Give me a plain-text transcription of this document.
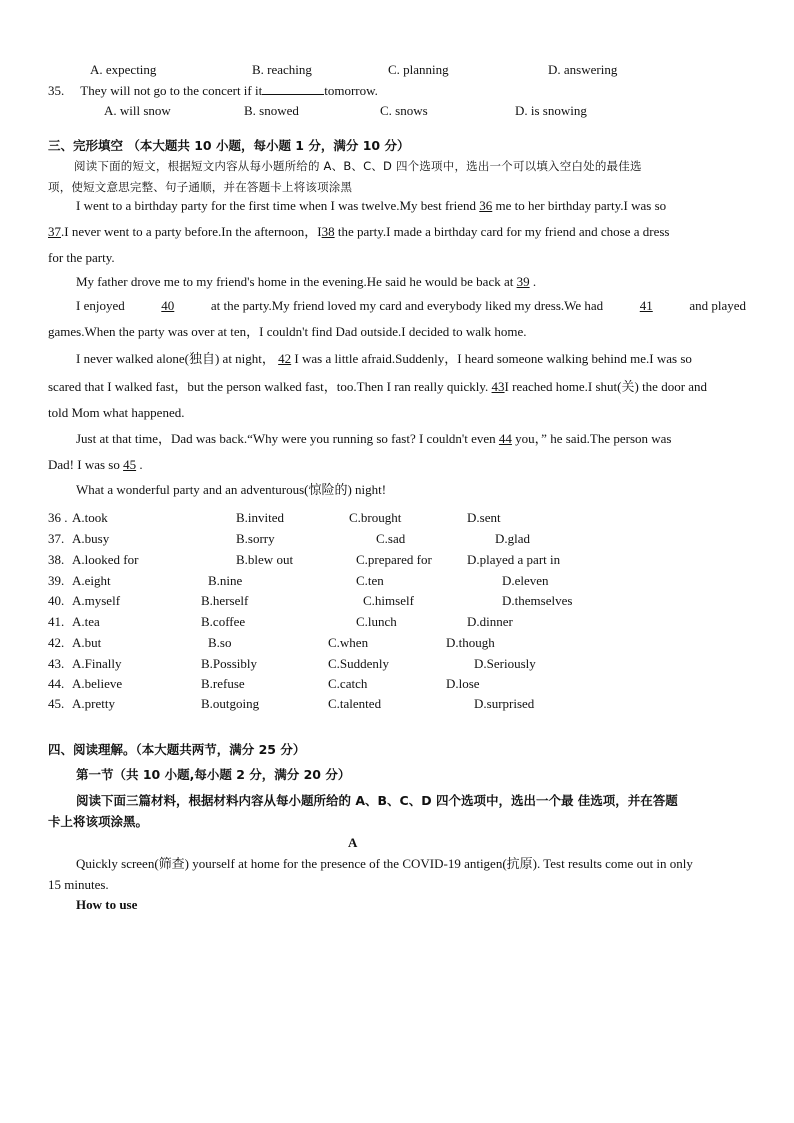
A. expecting	B. reaching	C. planning	D. answering
35. They will not go to the concert if it	tomorrow.
A. will snow	B. snowed	C. snows	D. is snowing
三、完形填空 （本大题共 10 小题，每小题 1 分，满分 10 分）
阅读下面的短文，根据短文内容从每小题所给的 A、B、C、D 四个选项中，选出一个可以填入空白处的最佳选
项，使短文意思完整、句子通顺，并在答题卡上将该项涂黑
I went to a birthday party for the first time when I was twelve.My best friend 36 me to her birthday party.I was so
37.I never went to a party before.In the afternoon，I38 the party.I made a birthday card for my friend and chose a dress
for the party.
My father drove me to my friend's home in the evening.He said he would be back at 39 .
I enjoyed	40	at the party.My friend loved my card and everybody liked my dress.We had	41	and played
games.When the party was over at ten，I couldn't find Dad outside.I decided to walk home.
I never walked alone(独自) at night， 42 I was a little afraid.Suddenly，I heard someone walking behind me.I was so
scared that I walked fast，but the person walked fast，too.Then I ran really quickly. 43I reached home.I shut(关) the door and
told Mom what happened.
Just at that time，Dad was back.“Why were you running so fast? I couldn't even 44 you，” he said.The person was
Dad! I was so 45 .
What a wonderful party and an adventurous(惊险的) night!
36 . A.took	B.invited	C.brought	D.sent
37. A.busy	B.sorry	C.sad	D.glad
38. A.looked for	B.blew out	C.prepared for	D.played a part in
39. A.eight	B.nine	C.ten	D.eleven
40. A.myself	B.herself	C.himself	D.themselves
41. A.tea	B.coffee	C.lunch	D.dinner
42. A.but	B.so	C.when	D.though
43. A.Finally	B.Possibly	C.Suddenly	D.Seriously
44. A.believe	B.refuse	C.catch	D.lose
45. A.pretty	B.outgoing	C.talented	D.surprised
四、阅读理解。（本大题共两节，满分 25 分）
第一节（共 10 小题,每小题 2 分，满分 20 分）
阅读下面三篇材料，根据材料内容从每小题所给的 A、B、C、D 四个选项中，选出一个最 佳选项，并在答题
卡上将该项涂黑。
A
Quickly screen(筛查) yourself at home for the presence of the COVID-19 antigen(抗原). Test results come out in only
15 minutes.
How to use
